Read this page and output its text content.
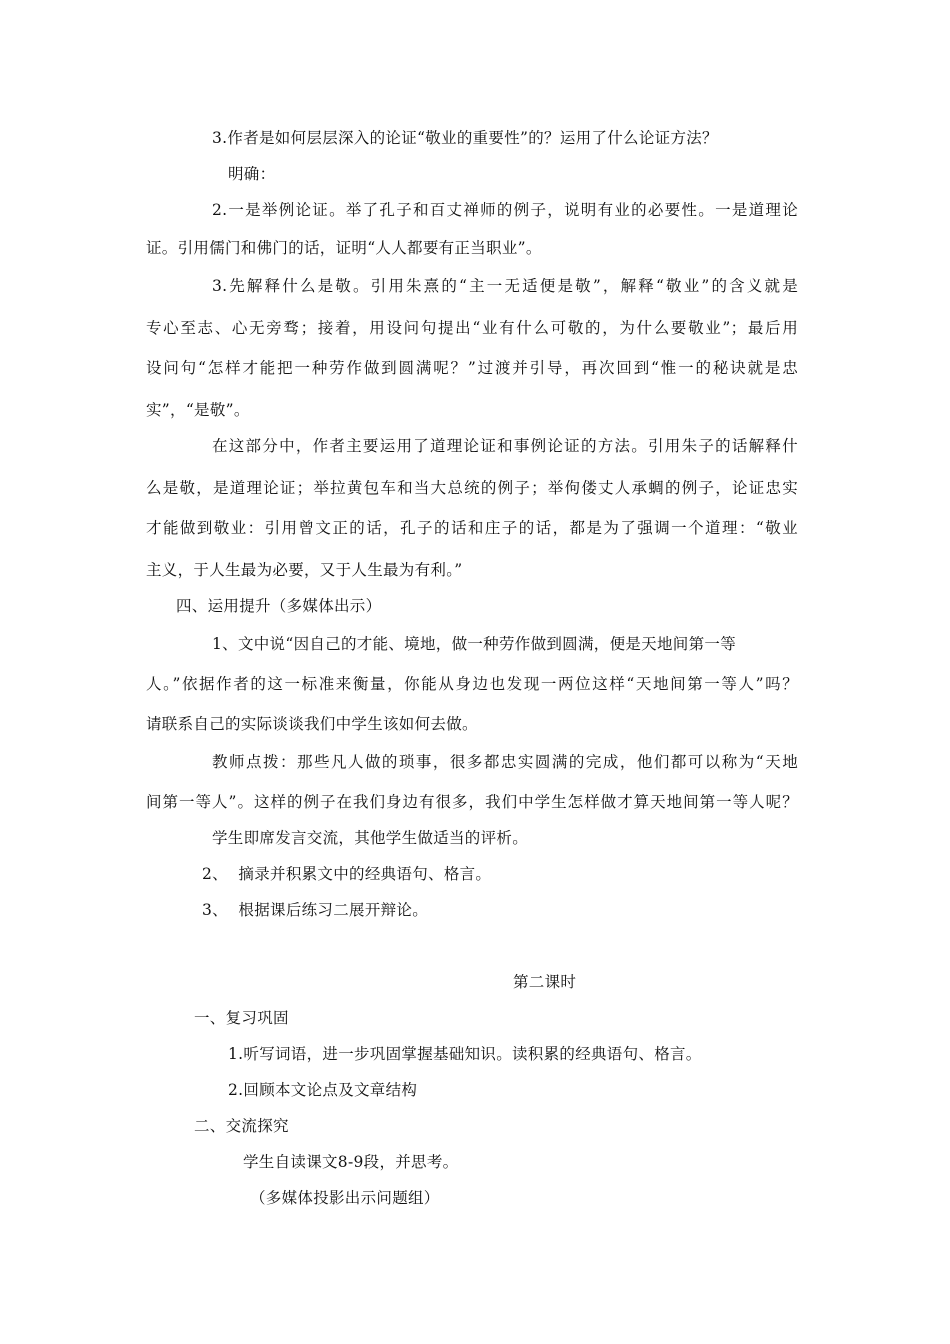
3.作者是如何层层深入的论证“敬业的重要性”的？运用了什么论证方法？
明确：
2.一是举例论证。举了孔子和百丈禅师的例子，说明有业的必要性。一是道理论
证。引用儒门和佛门的话，证明“人人都要有正当职业”。
3.先解释什么是敬。引用朱熹的“主一无适便是敬”，解释“敬业”的含义就是
专心至志、心无旁骛；接着，用设问句提出“业有什么可敬的，为什么要敬业”；最后用
设问句“怎样才能把一种劳作做到圆满呢？”过渡并引导，再次回到“惟一的秘诀就是忠
实”，“是敬”。
在这部分中，作者主要运用了道理论证和事例论证的方法。引用朱子的话解释什
么是敬，是道理论证；举拉黄包车和当大总统的例子；举佝偻丈人承蜩的例子，论证忠实
才能做到敬业：引用曾文正的话，孔子的话和庄子的话，都是为了强调一个道理：“敬业
主义，于人生最为必要，又于人生最为有利。”
四、运用提升（多媒体出示）
1、文中说“因自己的才能、境地，做一种劳作做到圆满，便是天地间第一等
人。”依据作者的这一标准来衡量，你能从身边也发现一两位这样“天地间第一等人”吗？
请联系自己的实际谈谈我们中学生该如何去做。
教师点拨：那些凡人做的琐事，很多都忠实圆满的完成，他们都可以称为“天地
间第一等人”。这样的例子在我们身边有很多，我们中学生怎样做才算天地间第一等人呢？
学生即席发言交流，其他学生做适当的评析。
2、  摘录并积累文中的经典语句、格言。
3、  根据课后练习二展开辩论。
第二课时
一、复习巩固
1.听写词语，进一步巩固掌握基础知识。读积累的经典语句、格言。
2.回顾本文论点及文章结构
二、交流探究
学生自读课文8-9段，并思考。
（多媒体投影出示问题组）
